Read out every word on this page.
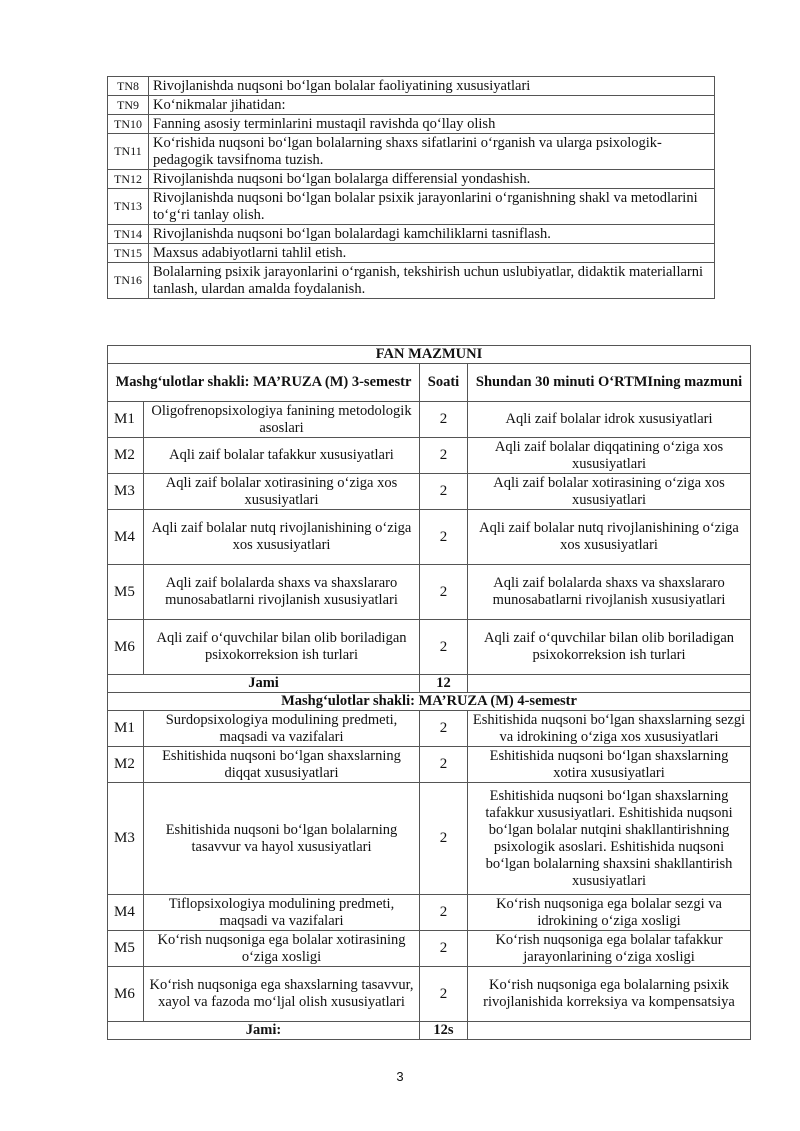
TN8	Rivojlanishda nuqsoni bo‘lgan bolalar faoliyatining xususiyatlari
TN9	Ko‘nikmalar jihatidan:
TN10	Fanning asosiy terminlarini mustaqil ravishda qo‘llay olish
TN11	Ko‘rishida nuqsoni bo‘lgan bolalarning shaxs sifatlarini o‘rganish va ularga psixologik-pedagogik tavsifnoma tuzish.
TN12	Rivojlanishda nuqsoni bo‘lgan bolalarga differensial yondashish.
TN13	Rivojlanishda nuqsoni bo‘lgan bolalar psixik jarayonlarini o‘rganishning shakl va metodlarini to‘g‘ri tanlay olish.
TN14	Rivojlanishda nuqsoni bo‘lgan bolalardagi kamchiliklarni tasniflash.
TN15	Maxsus adabiyotlarni tahlil etish.
TN16	Bolalarning psixik jarayonlarini o‘rganish, tekshirish uchun uslubiyatlar, didaktik materiallarni tanlash, ulardan amalda foydalanish.
FAN MAZMUNI			
Mashg‘ulotlar shakli: MA’RUZA (M) 3-semestr		Soati	Shundan 30 minuti O‘RTMIning mazmuni
M1	Oligofrenopsixologiya fanining metodologik asoslari	2	Aqli zaif bolalar idrok xususiyatlari
M2	Aqli zaif bolalar tafakkur xususiyatlari	2	Aqli zaif bolalar diqqatining o‘ziga xos xususiyatlari
M3	Aqli zaif bolalar xotirasining o‘ziga xos xususiyatlari	2	Aqli zaif bolalar xotirasining o‘ziga xos xususiyatlari
M4	Aqli zaif bolalar nutq rivojlanishining o‘ziga xos xususiyatlari	2	Aqli zaif bolalar nutq rivojlanishining o‘ziga xos xususiyatlari
M5	Aqli zaif bolalarda shaxs va shaxslararo munosabatlarni rivojlanish xususiyatlari	2	Aqli zaif bolalarda shaxs va shaxslararo munosabatlarni rivojlanish xususiyatlari
M6	Aqli zaif o‘quvchilar bilan olib boriladigan psixokorreksion ish turlari	2	Aqli zaif o‘quvchilar bilan olib boriladigan psixokorreksion ish turlari
Jami		12	
Mashg‘ulotlar shakli: MA’RUZA (M) 4-semestr			
M1	Surdopsixologiya modulining predmeti, maqsadi va vazifalari	2	Eshitishida nuqsoni bo‘lgan shaxslarning sezgi va idrokining o‘ziga xos xususiyatlari
M2	Eshitishida nuqsoni bo‘lgan shaxslarning diqqat xususiyatlari	2	Eshitishida nuqsoni bo‘lgan shaxslarning xotira xususiyatlari
M3	Eshitishida nuqsoni bo‘lgan bolalarning tasavvur va hayol xususiyatlari	2	Eshitishida nuqsoni bo‘lgan shaxslarning tafakkur xususiyatlari. Eshitishida nuqsoni bo‘lgan bolalar nutqini shakllantirishning psixologik asoslari. Eshitishida nuqsoni bo‘lgan bolalarning shaxsini shakllantirish xususiyatlari
M4	Tiflopsixologiya modulining predmeti, maqsadi va vazifalari	2	Ko‘rish nuqsoniga ega bolalar sezgi va idrokining o‘ziga xosligi
M5	Ko‘rish nuqsoniga ega bolalar xotirasining o‘ziga xosligi	2	Ko‘rish nuqsoniga ega bolalar tafakkur jarayonlarining o‘ziga xosligi
M6	Ko‘rish nuqsoniga ega shaxslarning tasavvur, xayol va fazoda mo‘ljal olish xususiyatlari	2	Ko‘rish nuqsoniga ega bolalarning psixik rivojlanishida korreksiya va kompensatsiya
Jami:		12s	
3
